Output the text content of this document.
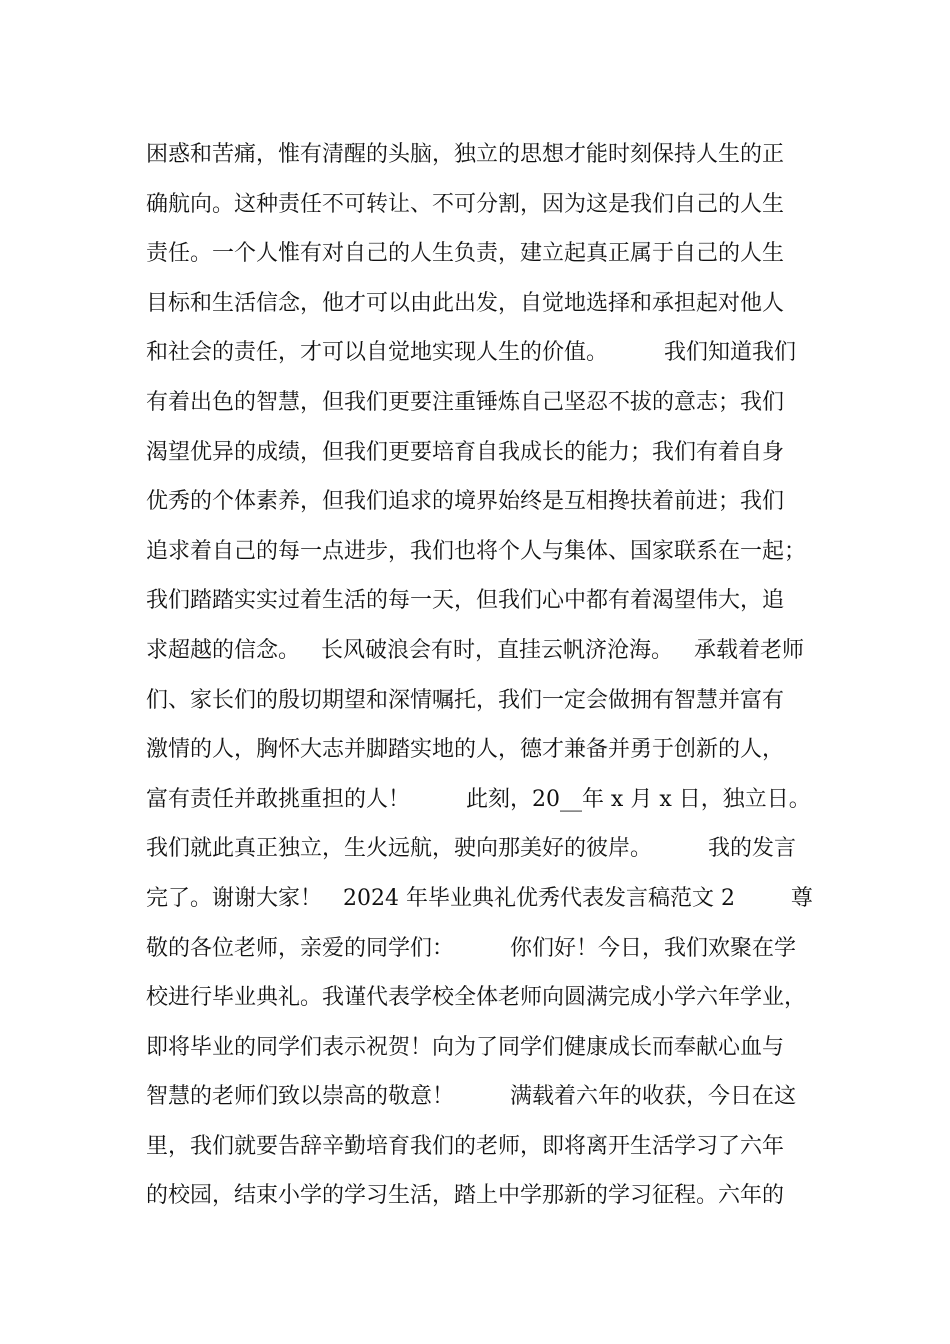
困惑和苦痛，惟有清醒的头脑，独立的思想才能时刻保持人生的正
确航向。这种责任不可转让、不可分割，因为这是我们自己的人生
责任。一个人惟有对自己的人生负责，建立起真正属于自己的人生
目标和生活信念，他才可以由此出发，自觉地选择和承担起对他人
和社会的责任，才可以自觉地实现人生的价值。        我们知道我们
有着出色的智慧，但我们更要注重锤炼自己坚忍不拔的意志；我们
渴望优异的成绩，但我们更要培育自我成长的能力；我们有着自身
优秀的个体素养，但我们追求的境界始终是互相搀扶着前进；我们
追求着自己的每一点进步，我们也将个人与集体、国家联系在一起；
我们踏踏实实过着生活的每一天，但我们心中都有着渴望伟大，追
求超越的信念。   长风破浪会有时，直挂云帆济沧海。   承载着老师
们、家长们的殷切期望和深情嘱托，我们一定会做拥有智慧并富有
激情的人，胸怀大志并脚踏实地的人，德才兼备并勇于创新的人，
富有责任并敢挑重担的人！        此刻，20__年 x 月 x 日，独立日。
我们就此真正独立，生火远航，驶向那美好的彼岸。        我的发言
完了。谢谢大家！   2024 年毕业典礼优秀代表发言稿范文 2        尊
敬的各位老师，亲爱的同学们：        你们好！今日，我们欢聚在学
校进行毕业典礼。我谨代表学校全体老师向圆满完成小学六年学业，
即将毕业的同学们表示祝贺！向为了同学们健康成长而奉献心血与
智慧的老师们致以崇高的敬意！        满载着六年的收获，今日在这
里，我们就要告辞辛勤培育我们的老师，即将离开生活学习了六年
的校园，结束小学的学习生活，踏上中学那新的学习征程。六年的
